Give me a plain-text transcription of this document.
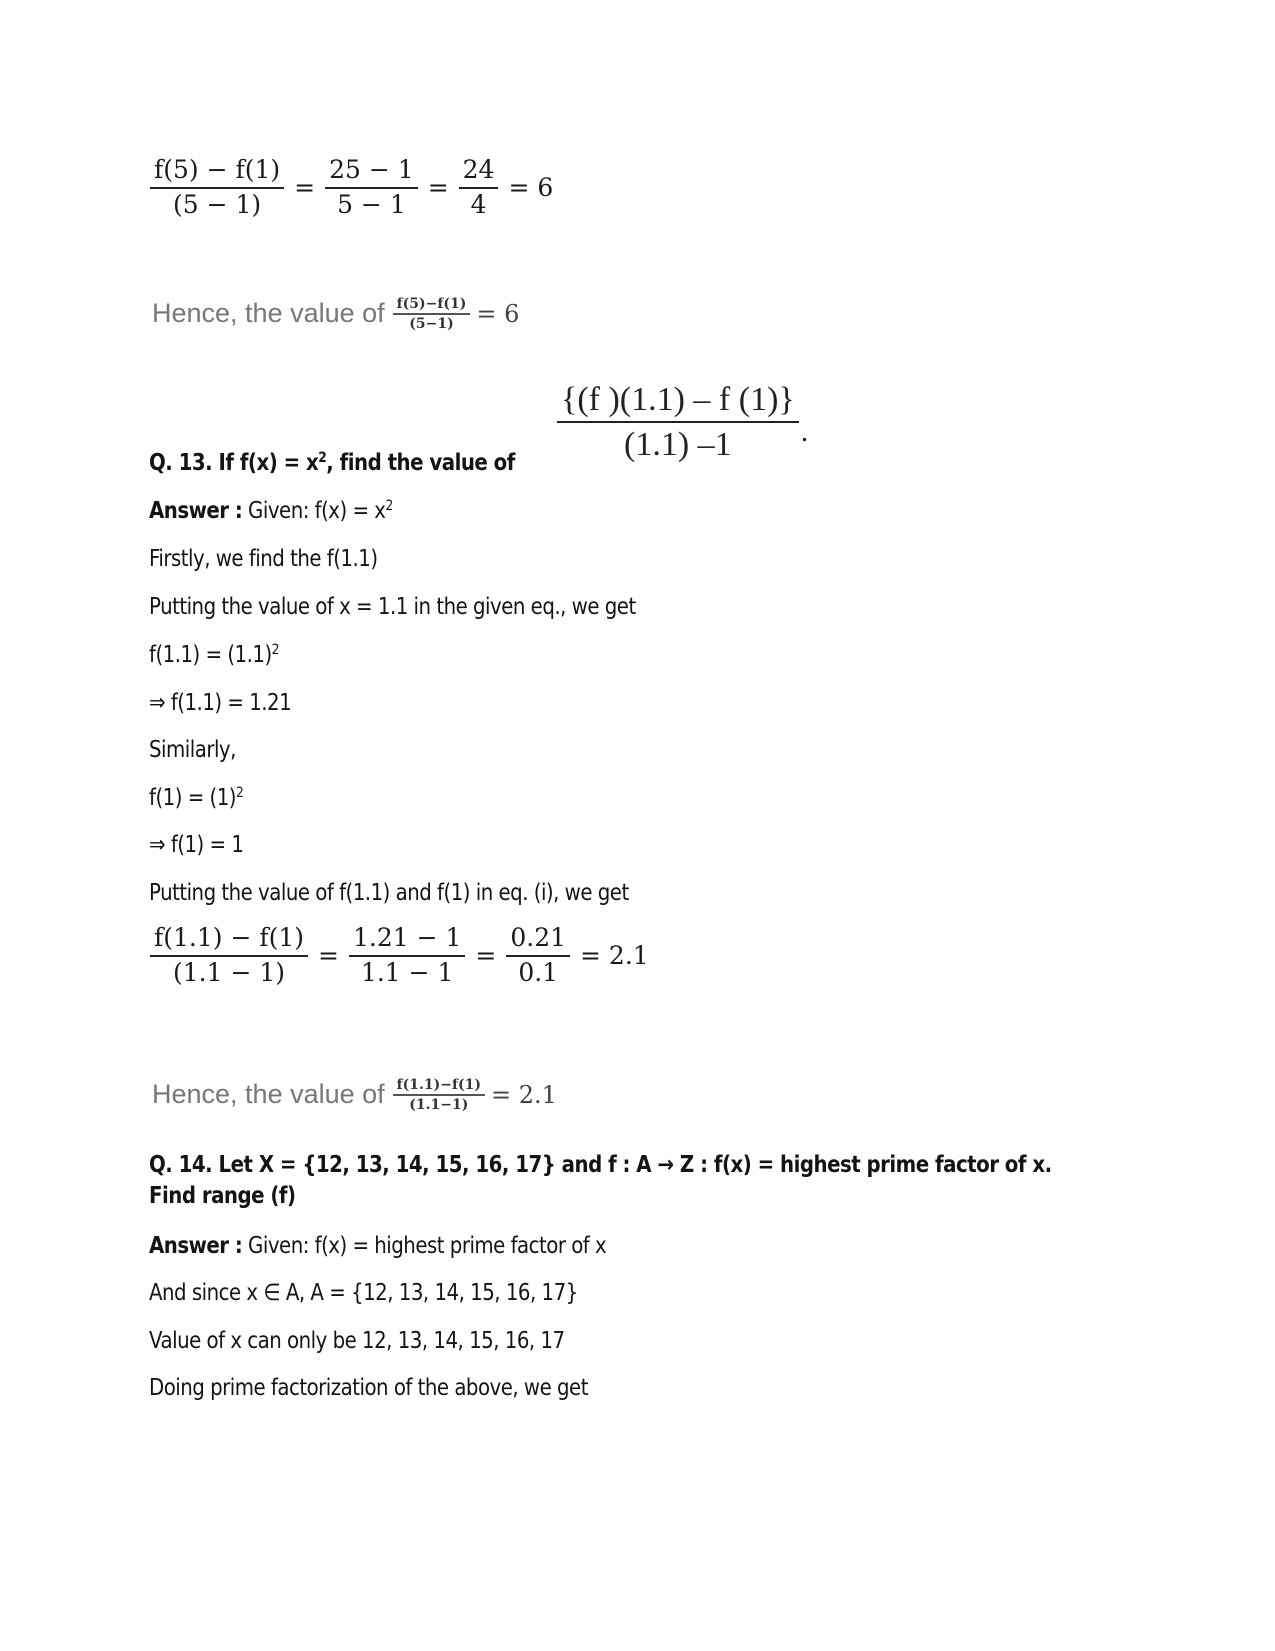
$\frac{f(5) - f(1)}{(5 - 1)} = \frac{25 - 1}{5 - 1} = \frac{24}{4} = 6$
Hence, the value of $\frac{f(5)-f(1)}{(5-1)} = 6$
$\frac{\{(f )(1.1) - f (1)\}}{(1.1) -1}$ .
Q. 13. If $f(x) = x^2$, find the value of
Answer : Given: $f(x) = x^2$
Firstly, we find the f(1.1)
Putting the value of x = 1.1 in the given eq., we get
$f(1.1) = (1.1)^2$
⇒ f(1.1) = 1.21
Similarly,
$f(1) = (1)^2$
⇒ f(1) = 1
Putting the value of f(1.1) and f(1) in eq. (i), we get
$\frac{f(1.1) - f(1)}{(1.1 - 1)} = \frac{1.21 - 1}{1.1 - 1} = \frac{0.21}{0.1} = 2.1$
Hence, the value of $\frac{f(1.1)-f(1)}{(1.1-1)} = 2.1$
Q. 14. Let X = {12, 13, 14, 15, 16, 17} and f : A → Z : f(x) = highest prime factor of x.
Find range (f)
Answer : Given: f(x) = highest prime factor of x
And since x ∈ A, A = {12, 13, 14, 15, 16, 17}
Value of x can only be 12, 13, 14, 15, 16, 17
Doing prime factorization of the above, we get
